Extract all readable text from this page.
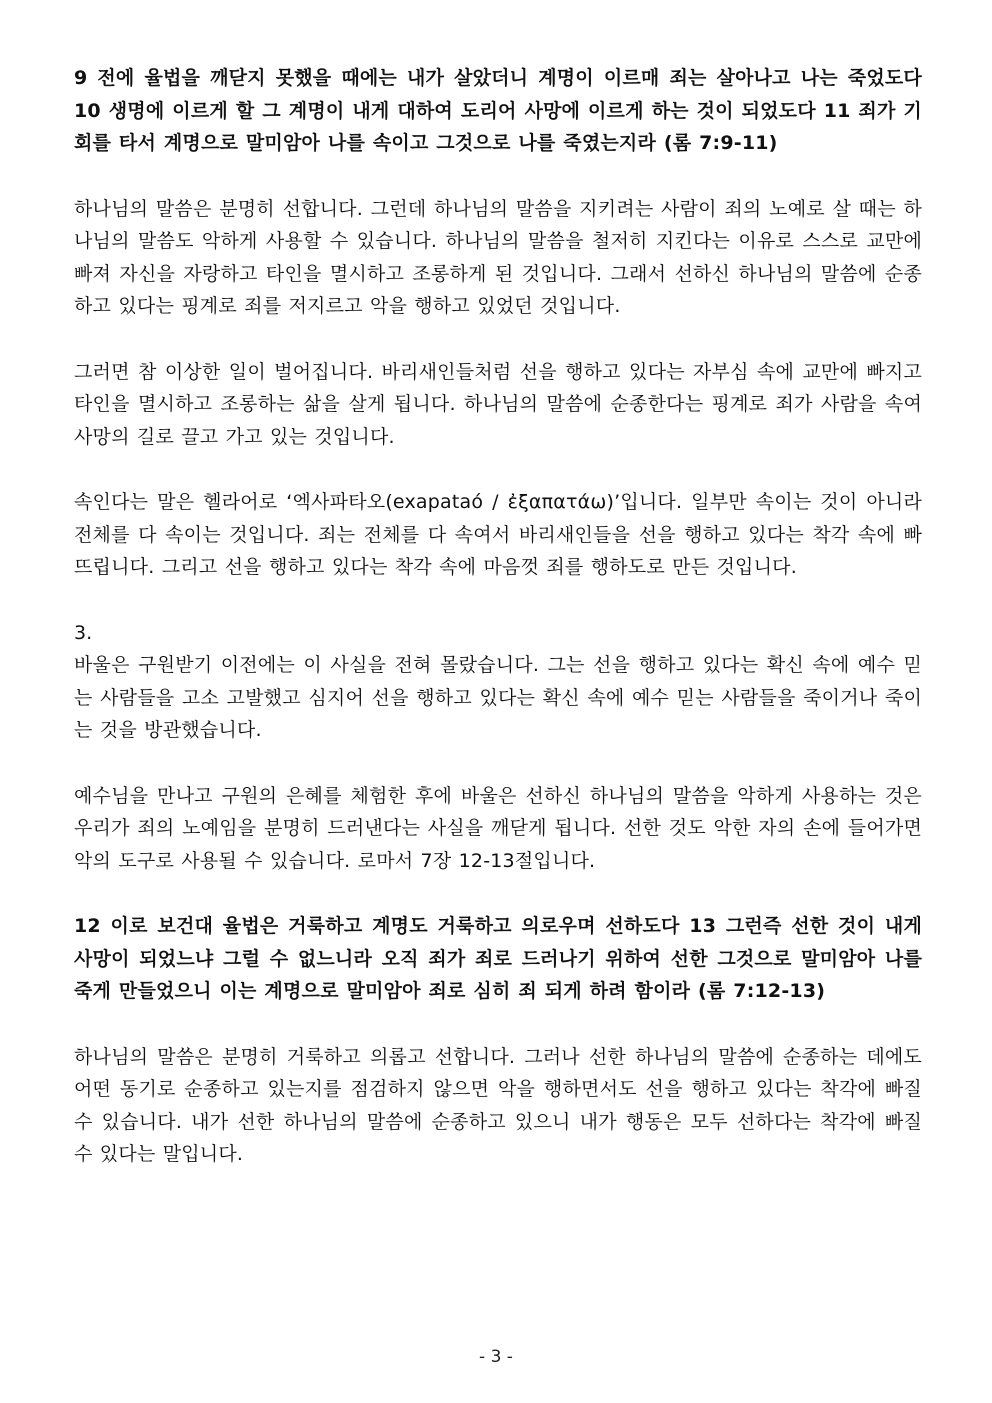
9 전에 율법을 깨닫지 못했을 때에는 내가 살았더니 계명이 이르매 죄는 살아나고 나는 죽었도다 10 생명에 이르게 할 그 계명이 내게 대하여 도리어 사망에 이르게 하는 것이 되었도다 11 죄가 기회를 타서 계명으로 말미암아 나를 속이고 그것으로 나를 죽였는지라 (롬 7:9-11)

하나님의 말씀은 분명히 선합니다. 그런데 하나님의 말씀을 지키려는 사람이 죄의 노예로 살 때는 하나님의 말씀도 악하게 사용할 수 있습니다. 하나님의 말씀을 철저히 지킨다는 이유로 스스로 교만에 빠져 자신을 자랑하고 타인을 멸시하고 조롱하게 된 것입니다. 그래서 선하신 하나님의 말씀에 순종하고 있다는 핑계로 죄를 저지르고 악을 행하고 있었던 것입니다.

그러면 참 이상한 일이 벌어집니다. 바리새인들처럼 선을 행하고 있다는 자부심 속에 교만에 빠지고 타인을 멸시하고 조롱하는 삶을 살게 됩니다. 하나님의 말씀에 순종한다는 핑계로 죄가 사람을 속여 사망의 길로 끌고 가고 있는 것입니다.

속인다는 말은 헬라어로 ‘엑사파타오(exapataó / ἐξαπατάω)’입니다. 일부만 속이는 것이 아니라 전체를 다 속이는 것입니다. 죄는 전체를 다 속여서 바리새인들을 선을 행하고 있다는 착각 속에 빠뜨립니다. 그리고 선을 행하고 있다는 착각 속에 마음껏 죄를 행하도로 만든 것입니다.

3.

바울은 구원받기 이전에는 이 사실을 전혀 몰랐습니다. 그는 선을 행하고 있다는 확신 속에 예수 믿는 사람들을 고소 고발했고 심지어 선을 행하고 있다는 확신 속에 예수 믿는 사람들을 죽이거나 죽이는 것을 방관했습니다.

예수님을 만나고 구원의 은혜를 체험한 후에 바울은 선하신 하나님의 말씀을 악하게 사용하는 것은 우리가 죄의 노예임을 분명히 드러낸다는 사실을 깨닫게 됩니다. 선한 것도 악한 자의 손에 들어가면 악의 도구로 사용될 수 있습니다. 로마서 7장 12-13절입니다.

12 이로 보건대 율법은 거룩하고 계명도 거룩하고 의로우며 선하도다 13 그런즉 선한 것이 내게 사망이 되었느냐 그럴 수 없느니라 오직 죄가 죄로 드러나기 위하여 선한 그것으로 말미암아 나를 죽게 만들었으니 이는 계명으로 말미암아 죄로 심히 죄 되게 하려 함이라 (롬 7:12-13)

하나님의 말씀은 분명히 거룩하고 의롭고 선합니다. 그러나 선한 하나님의 말씀에 순종하는 데에도 어떤 동기로 순종하고 있는지를 점검하지 않으면 악을 행하면서도 선을 행하고 있다는 착각에 빠질 수 있습니다. 내가 선한 하나님의 말씀에 순종하고 있으니 내가 행동은 모두 선하다는 착각에 빠질 수 있다는 말입니다.

- 3 -
